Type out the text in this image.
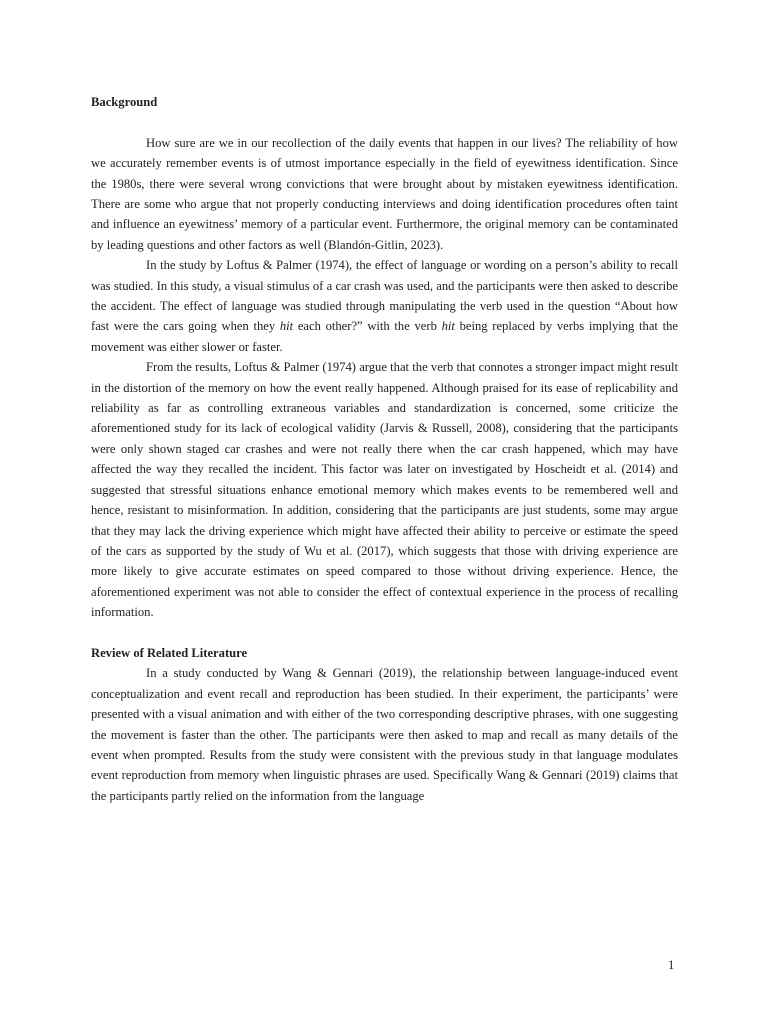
Background

How sure are we in our recollection of the daily events that happen in our lives? The reliability of how we accurately remember events is of utmost importance especially in the field of eyewitness identification. Since the 1980s, there were several wrong convictions that were brought about by mistaken eyewitness identification. There are some who argue that not properly conducting interviews and doing identification procedures often taint and influence an eyewitness’ memory of a particular event. Furthermore, the original memory can be contaminated by leading questions and other factors as well (Blandón-Gitlin, 2023).

In the study by Loftus & Palmer (1974), the effect of language or wording on a person’s ability to recall was studied. In this study, a visual stimulus of a car crash was used, and the participants were then asked to describe the accident. The effect of language was studied through manipulating the verb used in the question “About how fast were the cars going when they hit each other?” with the verb hit being replaced by verbs implying that the movement was either slower or faster.

From the results, Loftus & Palmer (1974) argue that the verb that connotes a stronger impact might result in the distortion of the memory on how the event really happened. Although praised for its ease of replicability and reliability as far as controlling extraneous variables and standardization is concerned, some criticize the aforementioned study for its lack of ecological validity (Jarvis & Russell, 2008), considering that the participants were only shown staged car crashes and were not really there when the car crash happened, which may have affected the way they recalled the incident. This factor was later on investigated by Hoscheidt et al. (2014) and suggested that stressful situations enhance emotional memory which makes events to be remembered well and hence, resistant to misinformation. In addition, considering that the participants are just students, some may argue that they may lack the driving experience which might have affected their ability to perceive or estimate the speed of the cars as supported by the study of Wu et al. (2017), which suggests that those with driving experience are more likely to give accurate estimates on speed compared to those without driving experience. Hence, the aforementioned experiment was not able to consider the effect of contextual experience in the process of recalling information.

Review of Related Literature

In a study conducted by Wang & Gennari (2019), the relationship between language-induced event conceptualization and event recall and reproduction has been studied. In their experiment, the participants’ were presented with a visual animation and with either of the two corresponding descriptive phrases, with one suggesting the movement is faster than the other. The participants were then asked to map and recall as many details of the event when prompted. Results from the study were consistent with the previous study in that language modulates event reproduction from memory when linguistic phrases are used. Specifically Wang & Gennari (2019) claims that the participants partly relied on the information from the language

1
